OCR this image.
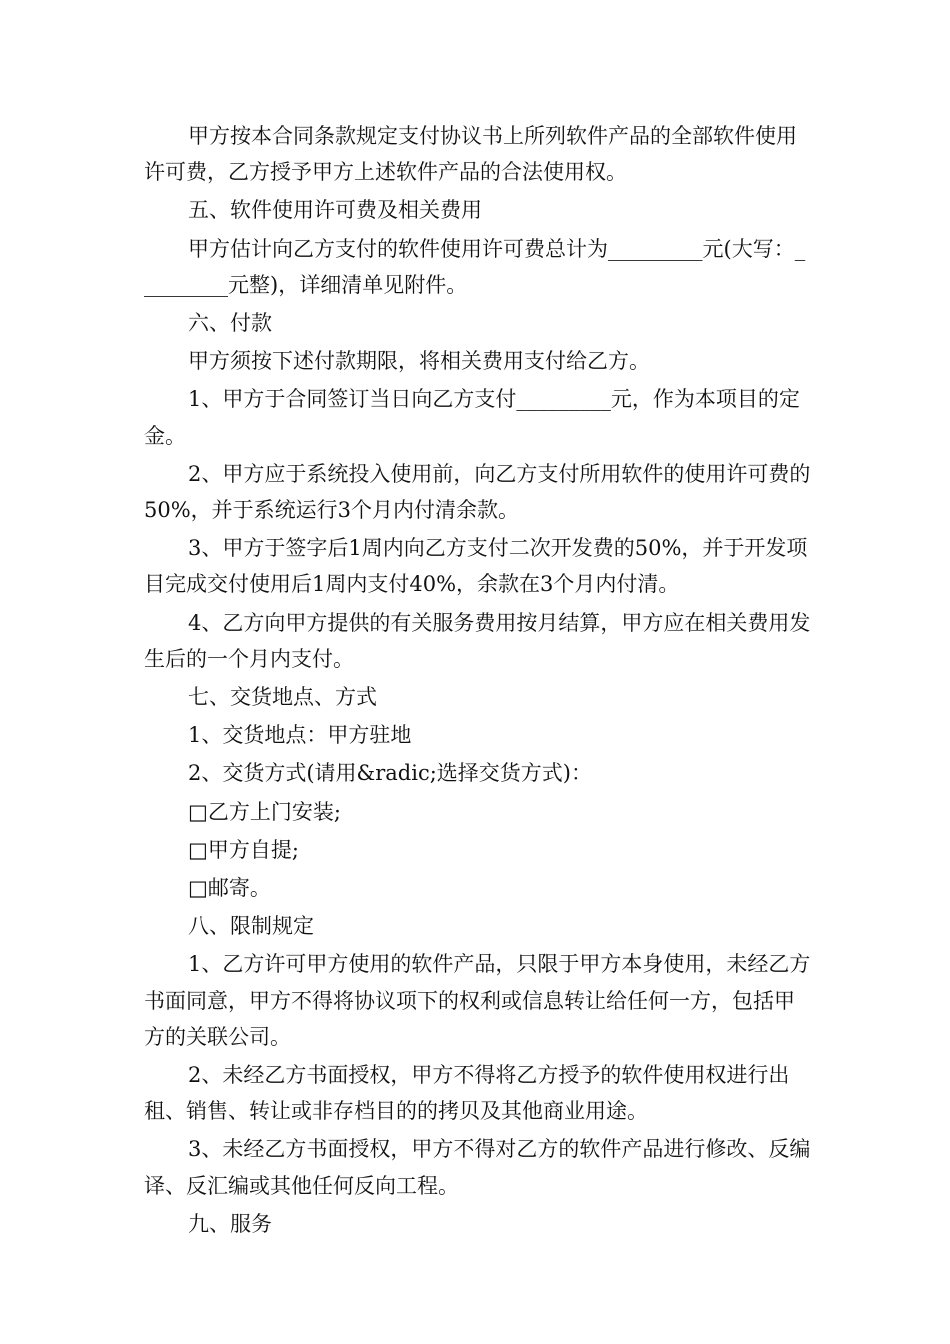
甲方按本合同条款规定支付协议书上所列软件产品的全部软件使用许可费，乙方授予甲方上述软件产品的合法使用权。

五、软件使用许可费及相关费用

甲方估计向乙方支付的软件使用许可费总计为_________元(大写：_________元整)，详细清单见附件。

六、付款

甲方须按下述付款期限，将相关费用支付给乙方。

1、甲方于合同签订当日向乙方支付_________元，作为本项目的定金。

2、甲方应于系统投入使用前，向乙方支付所用软件的使用许可费的50%，并于系统运行3个月内付清余款。

3、甲方于签字后1周内向乙方支付二次开发费的50%，并于开发项目完成交付使用后1周内支付40%，余款在3个月内付清。

4、乙方向甲方提供的有关服务费用按月结算，甲方应在相关费用发生后的一个月内支付。

七、交货地点、方式

1、交货地点：甲方驻地

2、交货方式(请用&radic;选择交货方式)：

□乙方上门安装;

□甲方自提;

□邮寄。

八、限制规定

1、乙方许可甲方使用的软件产品，只限于甲方本身使用，未经乙方书面同意，甲方不得将协议项下的权利或信息转让给任何一方，包括甲方的关联公司。

2、未经乙方书面授权，甲方不得将乙方授予的软件使用权进行出租、销售、转让或非存档目的的拷贝及其他商业用途。

3、未经乙方书面授权，甲方不得对乙方的软件产品进行修改、反编译、反汇编或其他任何反向工程。

九、服务
